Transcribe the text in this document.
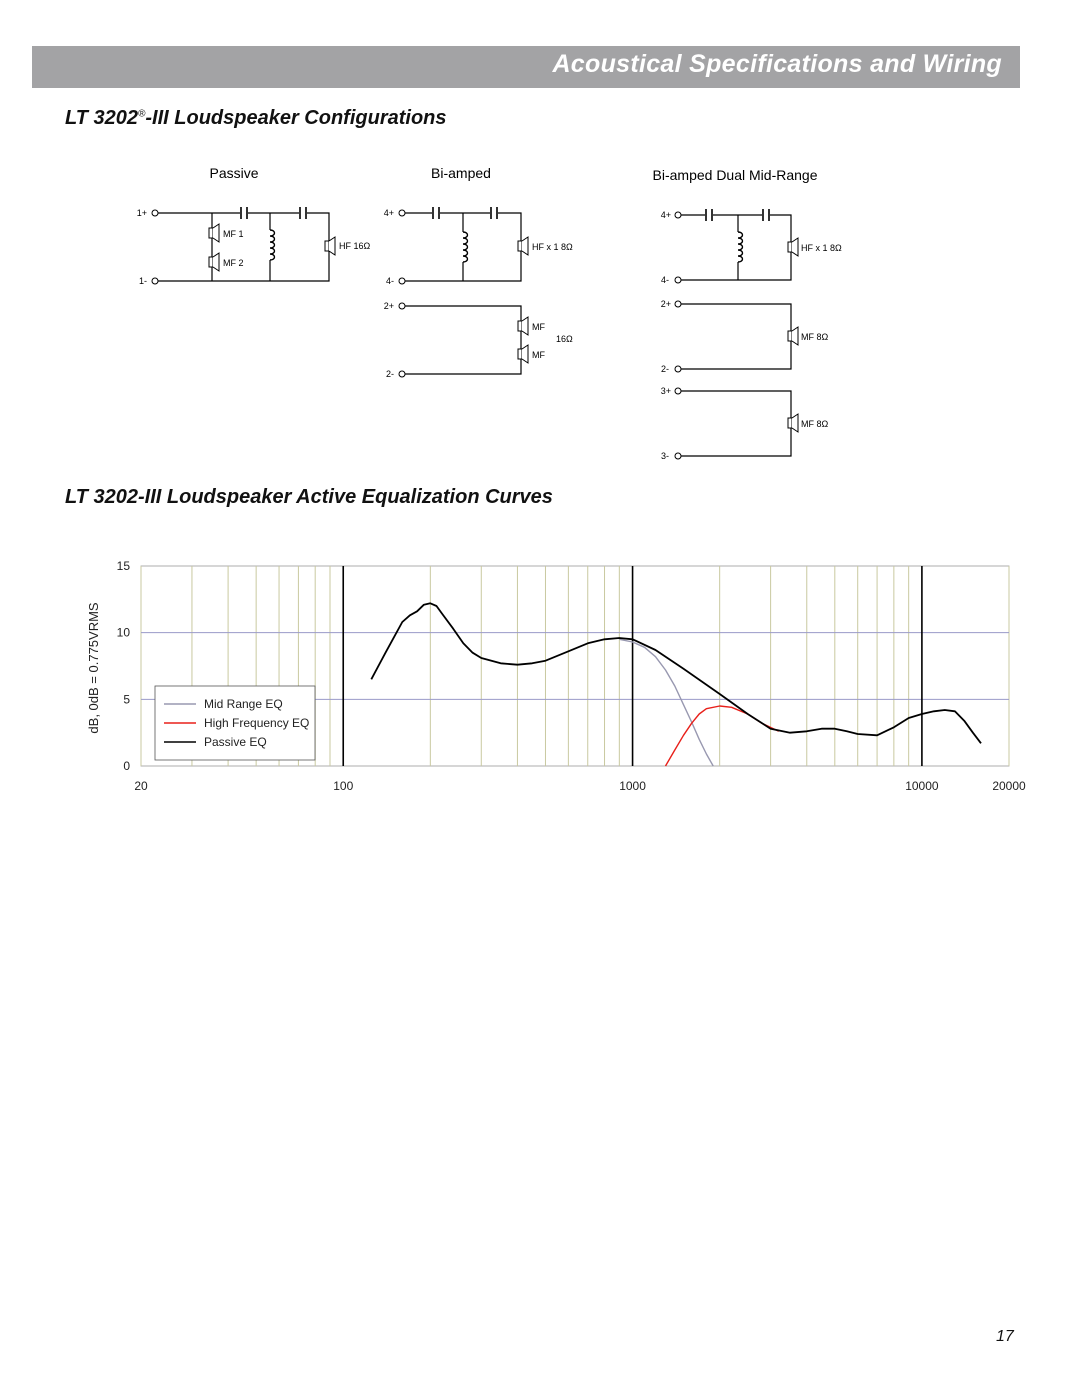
Acoustical Specifications and Wiring
LT 3202®-III Loudspeaker Configurations
Passive
1+
1-
MF 1
MF 2
HF 16Ω
Bi-amped
4+
4-
2+
2-
HF x 1 8Ω
MF
MF
16Ω
Bi-amped Dual Mid-Range
4+
4-
2+
2-
3+
3-
HF x 1 8Ω
MF 8Ω
MF 8Ω
LT 3202-III Loudspeaker Active Equalization Curves
20	100	1000	10000	20000
0
5
10
15
dB, 0dB = 0.775VRMS	Mid Range EQ
High Frequency EQ
Passive EQ
17
